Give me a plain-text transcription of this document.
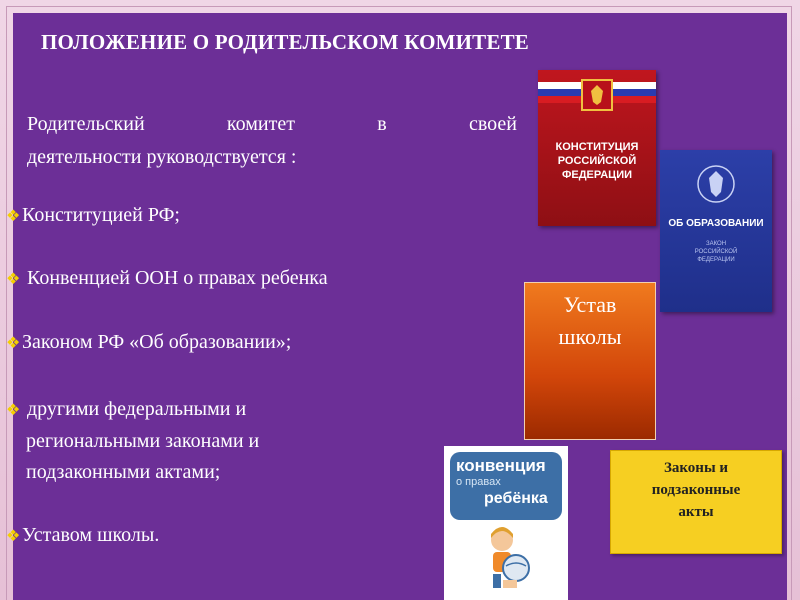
ПОЛОЖЕНИЕ О РОДИТЕЛЬСКОМ КОМИТЕТЕ
Родительский	комитет	в	своей
деятельности руководствуется :
❖Конституцией РФ;
❖ Конвенцией ООН о правах ребенка
❖Законом РФ «Об образовании»;
❖ другими федеральными и
региональными законами и
подзаконными актами;
❖Уставом школы.
КОНСТИТУЦИЯ
РОССИЙСКОЙ
ФЕДЕРАЦИИ
ОБ ОБРАЗОВАНИИ
ЗАКОН
РОССИЙСКОЙ
ФЕДЕРАЦИИ
Устав
школы
конвенция
о правах
ребёнка
Законы и
подзаконные
акты
